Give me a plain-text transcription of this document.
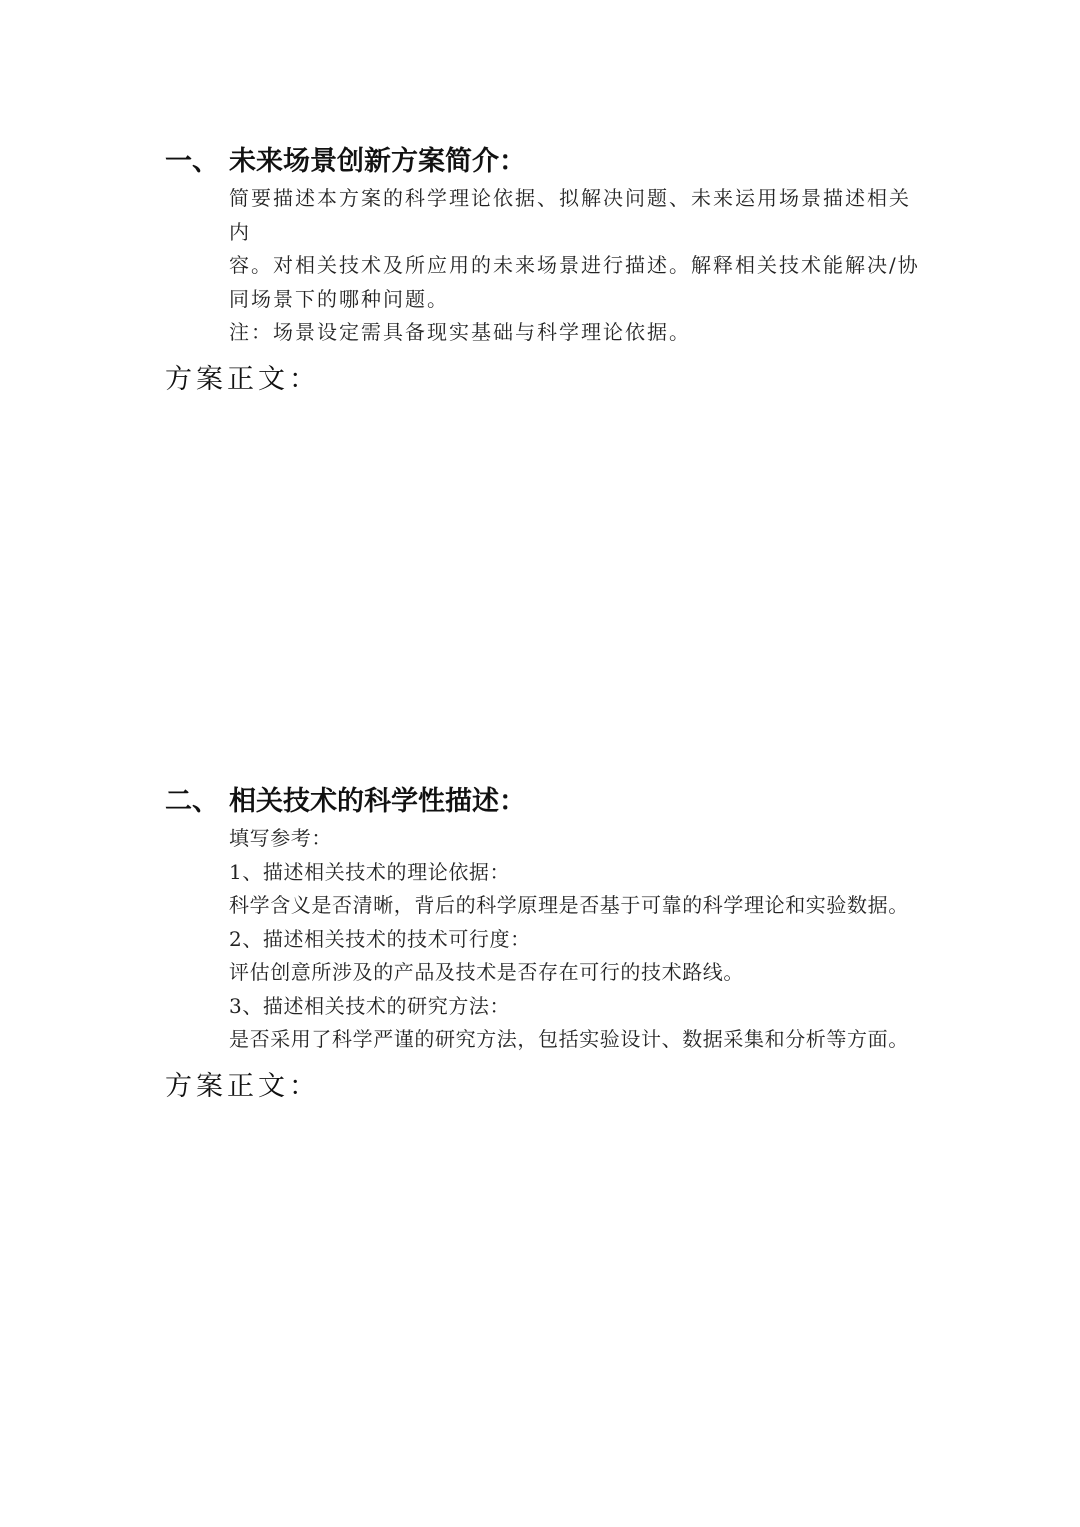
一、 未来场景创新方案简介：

简要描述本方案的科学理论依据、拟解决问题、未来运用场景描述相关内

容。对相关技术及所应用的未来场景进行描述。解释相关技术能解决/协

同场景下的哪种问题。

注：场景设定需具备现实基础与科学理论依据。

方案正文：
二、 相关技术的科学性描述：

填写参考：

1、描述相关技术的理论依据：

科学含义是否清晰，背后的科学原理是否基于可靠的科学理论和实验数据。

2、描述相关技术的技术可行度：

评估创意所涉及的产品及技术是否存在可行的技术路线。

3、描述相关技术的研究方法：

是否采用了科学严谨的研究方法，包括实验设计、数据采集和分析等方面。

方案正文：
